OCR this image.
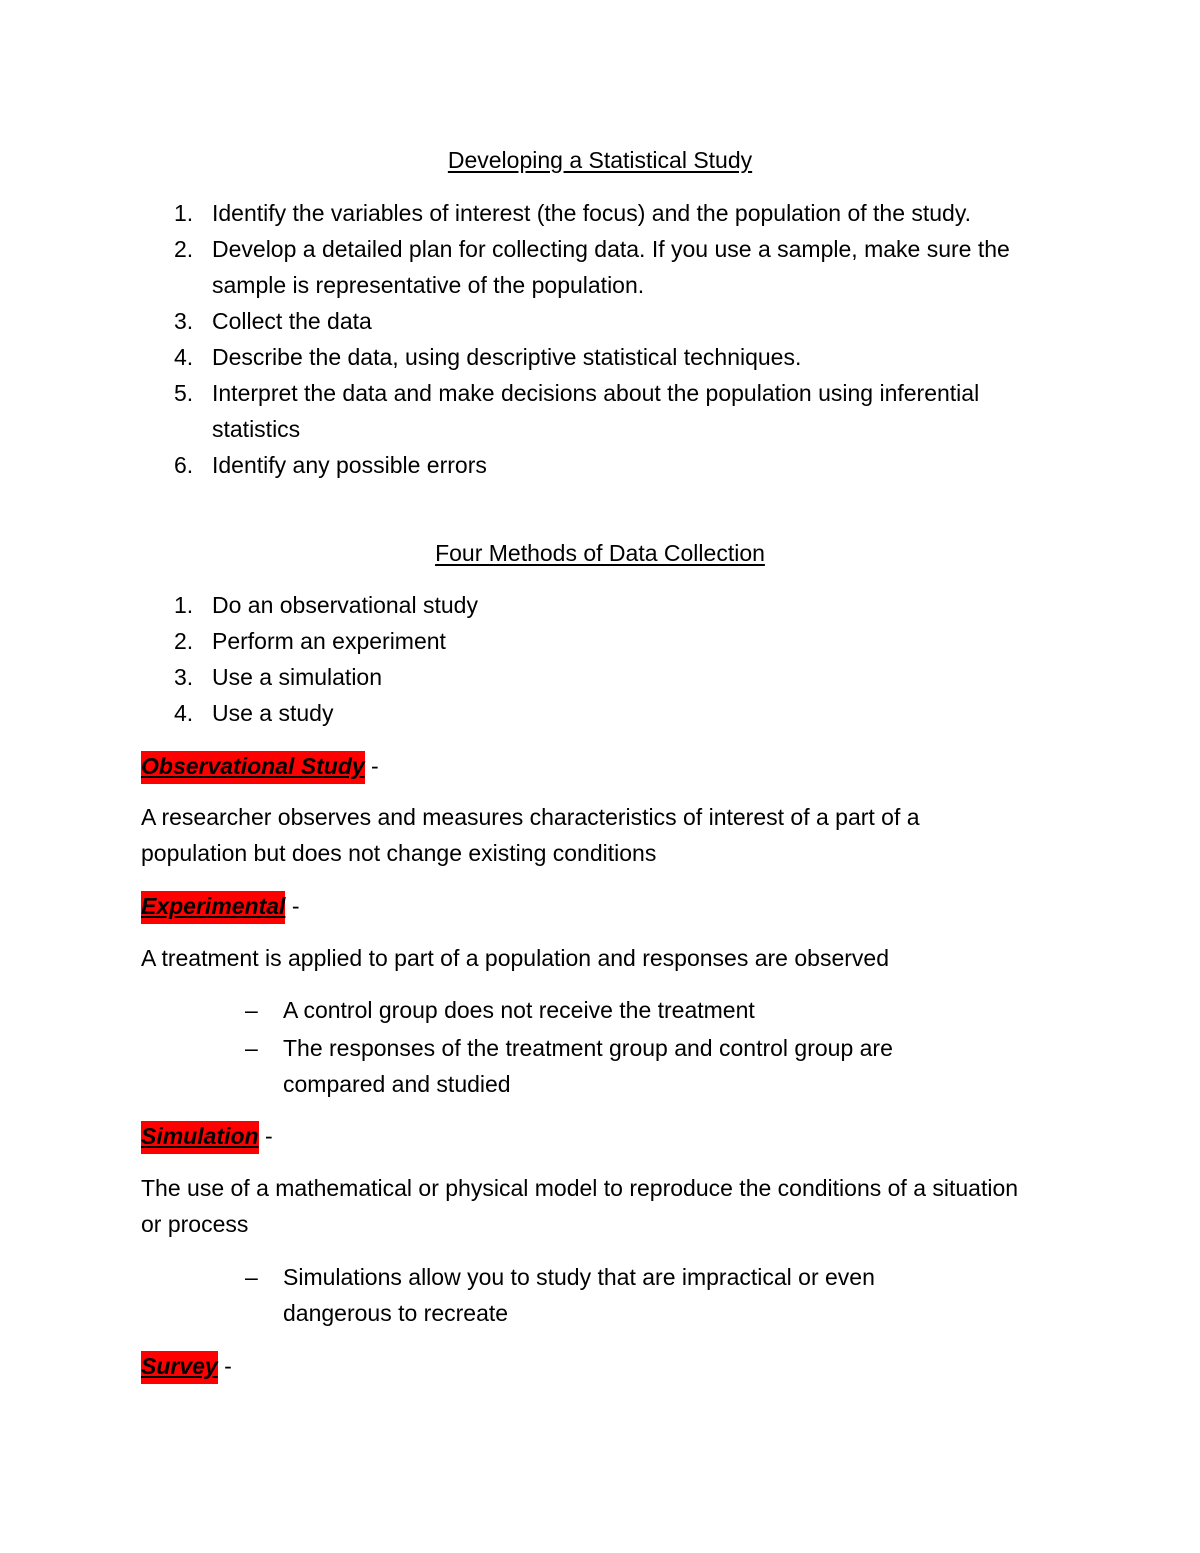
Developing a Statistical Study
1. Identify the variables of interest (the focus) and the population of the study.
2. Develop a detailed plan for collecting data. If you use a sample, make sure the sample is representative of the population.
3. Collect the data
4. Describe the data, using descriptive statistical techniques.
5. Interpret the data and make decisions about the population using inferential statistics
6. Identify any possible errors
Four Methods of Data Collection
1. Do an observational study
2. Perform an experiment
3. Use a simulation
4. Use a study
Observational Study -
A researcher observes and measures characteristics of interest of a part of a population but does not change existing conditions
Experimental -
A treatment is applied to part of a population and responses are observed
– A control group does not receive the treatment
– The responses of the treatment group and control group are compared and studied
Simulation -
The use of a mathematical or physical model to reproduce the conditions of a situation or process
– Simulations allow you to study that are impractical or even dangerous to recreate
Survey -
